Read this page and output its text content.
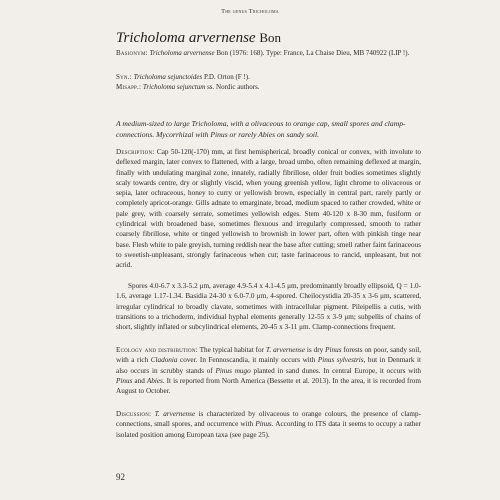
The genus Tricholoma
Tricholoma arvernense Bon
Basionym: Tricholoma arvernense Bon (1976: 168). Type: France, La Chaise Dieu, MB 740922 (LIP !).
Syn.: Tricholoma sejunctoides P.D. Orton (F !).
Misapp.: Tricholoma sejunctum ss. Nordic authors.
A medium-sized to large Tricholoma, with a olivaceous to orange cap, small spores and clamp-connections. Mycorrhizal with Pinus or rarely Abies on sandy soil.
Description: Cap 50-120(-170) mm, at first hemispherical, broadly conical or convex, with involute to deflexed margin, later convex to flattened, with a large, broad umbo, often remaining deflexed at margin, finally with undulating marginal zone, innately, radially fibrillose, older fruit bodies sometimes slightly scaly towards centre, dry or slightly viscid, when young greenish yellow, light chrome to olivaceous or sepia, later ochraceous, honey to curry or yellowish brown, especially in central part, rarely partly or completely apricot-orange. Gills adnate to emarginate, broad, medium spaced to rather crowded, white or pale grey, with coarsely serrate, sometimes yellowish edges. Stem 40-120 x 8-30 mm, fusiform or cylindrical with broadened base, sometimes flexuous and irregularly compressed, smooth to rather coarsely fibrillose, white or tinged yellowish to brownish in lower part, often with pinkish tinge near base. Flesh white to pale greyish, turning reddish near the base after cutting; smell rather faint farinaceous to sweetish-unpleasant, strongly farinaceous when cut; taste farinaceous to rancid, unpleasant, but not acrid.
Spores 4.0-6.7 x 3.3-5.2 μm, average 4.9-5.4 x 4.1-4.5 μm, predominantly broadly ellipsoid, Q = 1.0-1.6, average 1.17-1.34. Basidia 24-30 x 6.0-7.0 μm, 4-spored. Cheilocystidia 20-35 x 3-6 μm, scattered, irregular cylindrical to broadly clavate, sometimes with intracellular pigment. Pileipellis a cutis, with transitions to a trichoderm, individual hyphal elements generally 12-55 x 3-9 μm; subpellis of chains of short, slightly inflated or subcylindrical elements, 20-45 x 3-11 μm. Clamp-connections frequent.
Ecology and distribution: The typical habitat for T. arvernense is dry Pinus forests on poor, sandy soil, with a rich Cladonia cover. In Fennoscandia, it mainly occurs with Pinus sylvestris, but in Denmark it also occurs in scrubby stands of Pinus mugo planted in sand dunes. In central Europe, it occurs with Pinus and Abies. It is reported from North America (Bessette et al. 2013). In the area, it is recorded from August to October.
Discussion: T. arvernense is characterized by olivaceous to orange colours, the presence of clamp-connections, small spores, and occurrence with Pinus. According to ITS data it seems to occupy a rather isolated position among European taxa (see page 25).
92
